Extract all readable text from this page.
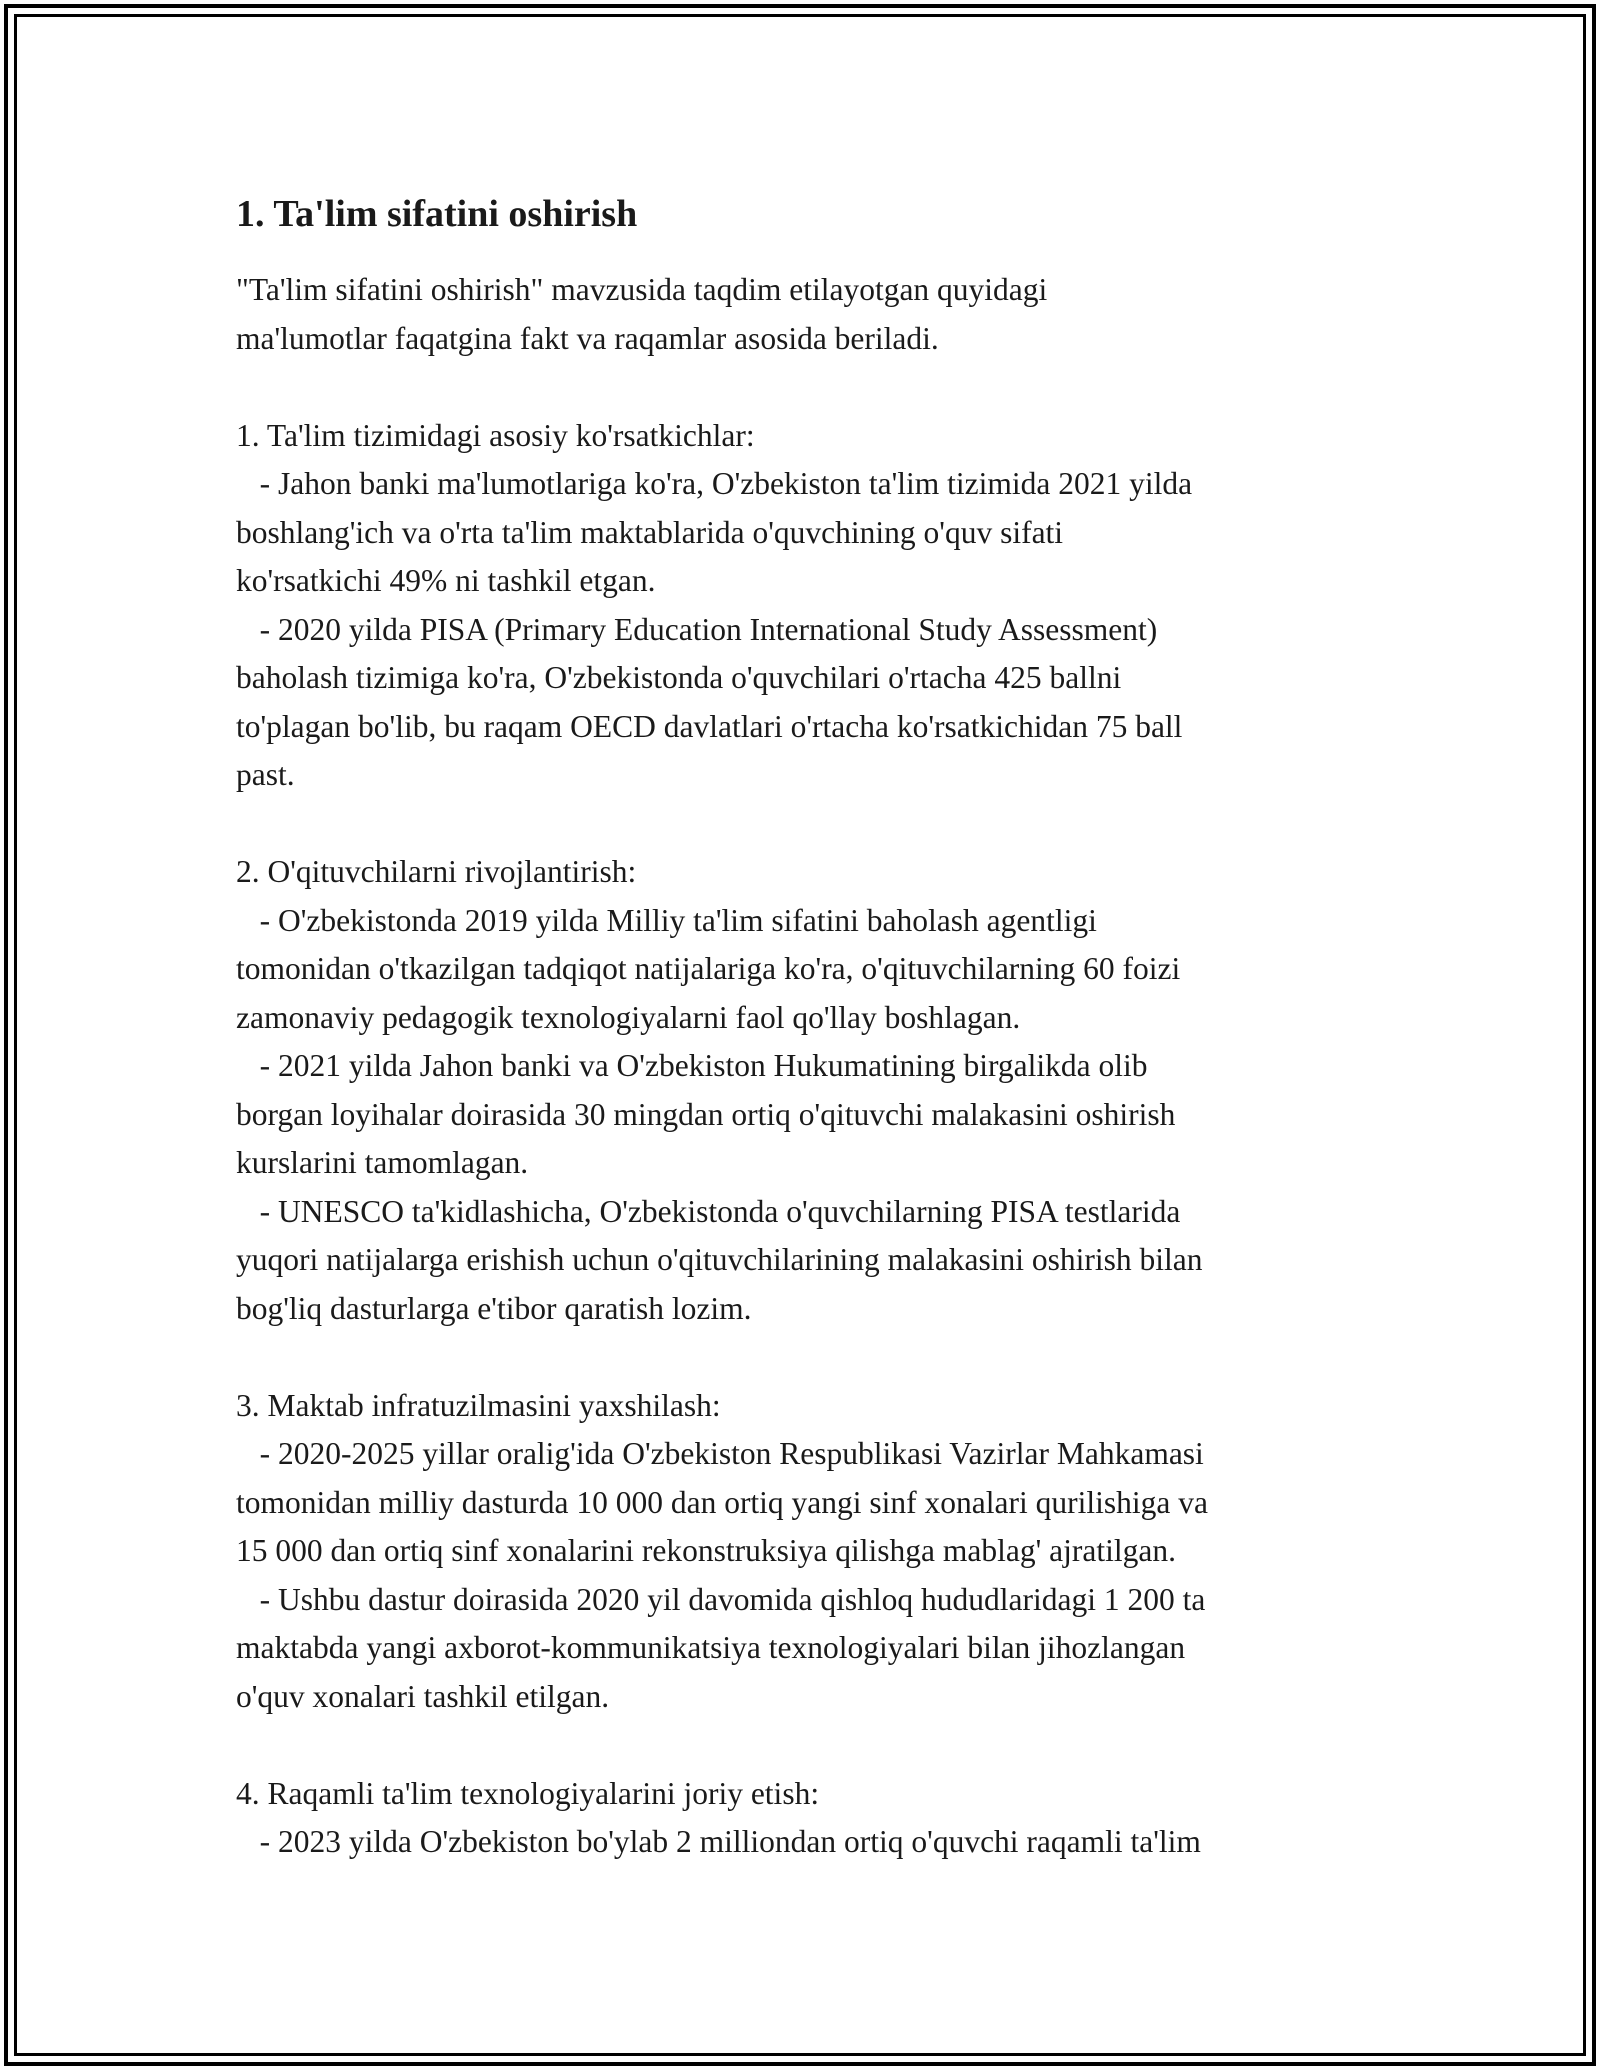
1. Ta'lim sifatini oshirish

"Ta'lim sifatini oshirish" mavzusida taqdim etilayotgan quyidagi
ma'lumotlar faqatgina fakt va raqamlar asosida beriladi.

1. Ta'lim tizimidagi asosiy ko'rsatkichlar:

- Jahon banki ma'lumotlariga ko'ra, O'zbekiston ta'lim tizimida 2021 yilda
boshlang'ich va o'rta ta'lim maktablarida o'quvchining o'quv sifati
ko'rsatkichi 49% ni tashkil etgan.

- 2020 yilda PISA (Primary Education International Study Assessment)
baholash tizimiga ko'ra, O'zbekistonda o'quvchilari o'rtacha 425 ballni
to'plagan bo'lib, bu raqam OECD davlatlari o'rtacha ko'rsatkichidan 75 ball
past.

2. O'qituvchilarni rivojlantirish:

- O'zbekistonda 2019 yilda Milliy ta'lim sifatini baholash agentligi
tomonidan o'tkazilgan tadqiqot natijalariga ko'ra, o'qituvchilarning 60 foizi
zamonaviy pedagogik texnologiyalarni faol qo'llay boshlagan.

- 2021 yilda Jahon banki va O'zbekiston Hukumatining birgalikda olib
borgan loyihalar doirasida 30 mingdan ortiq o'qituvchi malakasini oshirish
kurslarini tamomlagan.

- UNESCO ta'kidlashicha, O'zbekistonda o'quvchilarning PISA testlarida
yuqori natijalarga erishish uchun o'qituvchilarining malakasini oshirish bilan
bog'liq dasturlarga e'tibor qaratish lozim.

3. Maktab infratuzilmasini yaxshilash:

- 2020-2025 yillar oralig'ida O'zbekiston Respublikasi Vazirlar Mahkamasi
tomonidan milliy dasturda 10 000 dan ortiq yangi sinf xonalari qurilishiga va
15 000 dan ortiq sinf xonalarini rekonstruksiya qilishga mablag' ajratilgan.

- Ushbu dastur doirasida 2020 yil davomida qishloq hududlaridagi 1 200 ta
maktabda yangi axborot-kommunikatsiya texnologiyalari bilan jihozlangan
o'quv xonalari tashkil etilgan.

4. Raqamli ta'lim texnologiyalarini joriy etish:

- 2023 yilda O'zbekiston bo'ylab 2 milliondan ortiq o'quvchi raqamli ta'lim
